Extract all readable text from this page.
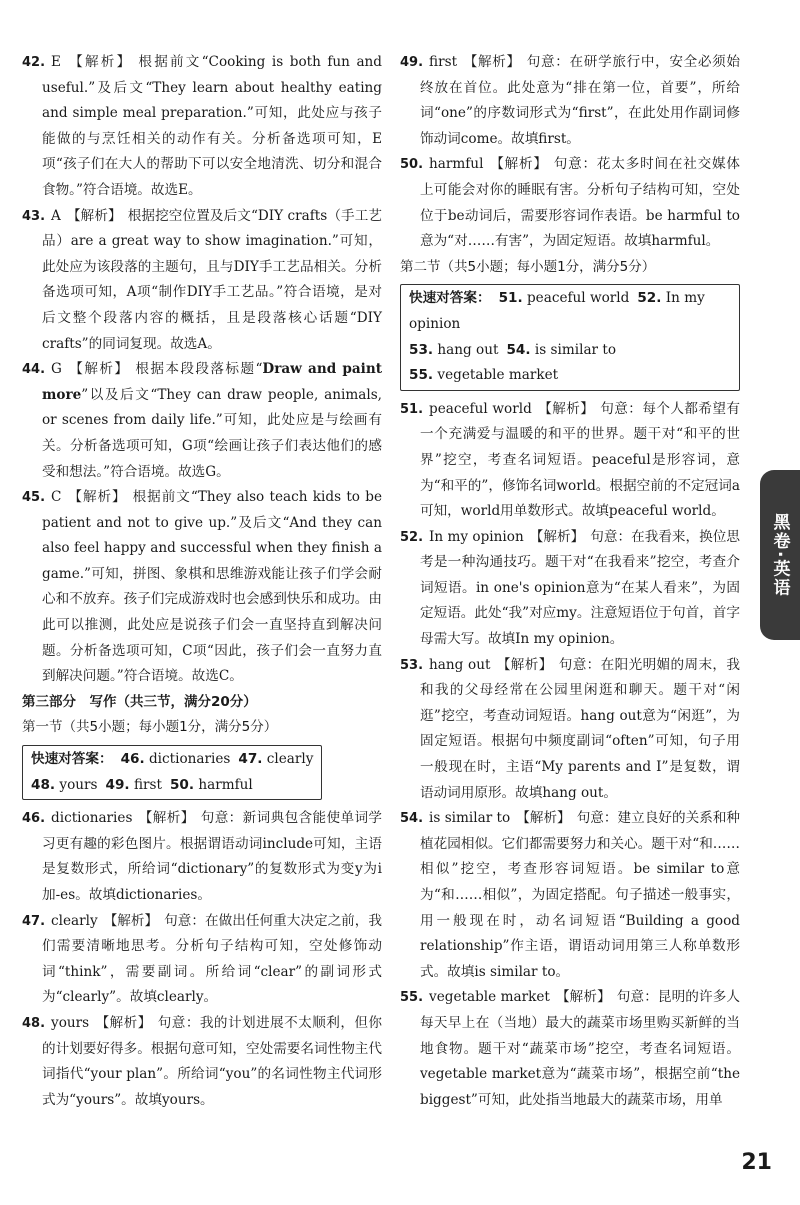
42. E 【解析】 根据前文“Cooking is both fun and useful.”及后文“They learn about healthy eating and simple meal preparation.”可知，此处应与孩子能做的与烹饪相关的动作有关。分析备选项可知，E项“孩子们在大人的帮助下可以安全地清洗、切分和混合食物。”符合语境。故选E。

43. A 【解析】 根据挖空位置及后文“DIY crafts（手工艺品）are a great way to show imagination.”可知，此处应为该段落的主题句，且与DIY手工艺品相关。分析备选项可知，A项“制作DIY手工艺品。”符合语境，是对后文整个段落内容的概括，且是段落核心话题“DIY crafts”的同词复现。故选A。

44. G 【解析】 根据本段段落标题“Draw and paint more”以及后文“They can draw people, animals, or scenes from daily life.”可知，此处应是与绘画有关。分析备选项可知，G项“绘画让孩子们表达他们的感受和想法。”符合语境。故选G。

45. C 【解析】 根据前文“They also teach kids to be patient and not to give up.”及后文“And they can also feel happy and successful when they finish a game.”可知，拼图、象棋和思维游戏能让孩子们学会耐心和不放弃。孩子们完成游戏时也会感到快乐和成功。由此可以推测，此处应是说孩子们会一直坚持直到解决问题。分析备选项可知，C项“因此，孩子们会一直努力直到解决问题。”符合语境。故选C。

第三部分　写作（共三节，满分20分）

第一节（共5小题；每小题1分，满分5分）

快速对答案： 46. dictionaries 47. clearly

48. yours 49. first 50. harmful

46. dictionaries 【解析】 句意：新词典包含能使单词学习更有趣的彩色图片。根据谓语动词include可知，主语是复数形式，所给词“dictionary”的复数形式为变y为i加-es。故填dictionaries。

47. clearly 【解析】 句意：在做出任何重大决定之前，我们需要清晰地思考。分析句子结构可知，空处修饰动词“think”，需要副词。所给词“clear”的副词形式为“clearly”。故填clearly。

48. yours 【解析】 句意：我的计划进展不太顺利，但你的计划要好得多。根据句意可知，空处需要名词性物主代词指代“your plan”。所给词“you”的名词性物主代词形式为“yours”。故填yours。

49. first 【解析】 句意：在研学旅行中，安全必须始终放在首位。此处意为“排在第一位，首要”，所给词“one”的序数词形式为“first”，在此处用作副词修饰动词come。故填first。

50. harmful 【解析】 句意：花太多时间在社交媒体上可能会对你的睡眠有害。分析句子结构可知，空处位于be动词后，需要形容词作表语。be harmful to意为“对……有害”，为固定短语。故填harmful。

第二节（共5小题；每小题1分，满分5分）

快速对答案： 51. peaceful world 52. In my opinion

53. hang out 54. is similar to

55. vegetable market

51. peaceful world 【解析】 句意：每个人都希望有一个充满爱与温暖的和平的世界。题干对“和平的世界”挖空，考查名词短语。peaceful是形容词，意为“和平的”，修饰名词world。根据空前的不定冠词a可知，world用单数形式。故填peaceful world。

52. In my opinion 【解析】 句意：在我看来，换位思考是一种沟通技巧。题干对“在我看来”挖空，考查介词短语。in one's opinion意为“在某人看来”，为固定短语。此处“我”对应my。注意短语位于句首，首字母需大写。故填In my opinion。

53. hang out 【解析】 句意：在阳光明媚的周末，我和我的父母经常在公园里闲逛和聊天。题干对“闲逛”挖空，考查动词短语。hang out意为“闲逛”，为固定短语。根据句中频度副词“often”可知，句子用一般现在时，主语“My parents and I”是复数，谓语动词用原形。故填hang out。

54. is similar to 【解析】 句意：建立良好的关系和种植花园相似。它们都需要努力和关心。题干对“和……相似”挖空，考查形容词短语。be similar to意为“和……相似”，为固定搭配。句子描述一般事实，用一般现在时，动名词短语“Building a good relationship”作主语，谓语动词用第三人称单数形式。故填is similar to。

55. vegetable market 【解析】 句意：昆明的许多人每天早上在（当地）最大的蔬菜市场里购买新鲜的当地食物。题干对“蔬菜市场”挖空，考查名词短语。vegetable market意为“蔬菜市场”，根据空前“the biggest”可知，此处指当地最大的蔬菜市场，用单

黑卷·英语
21
